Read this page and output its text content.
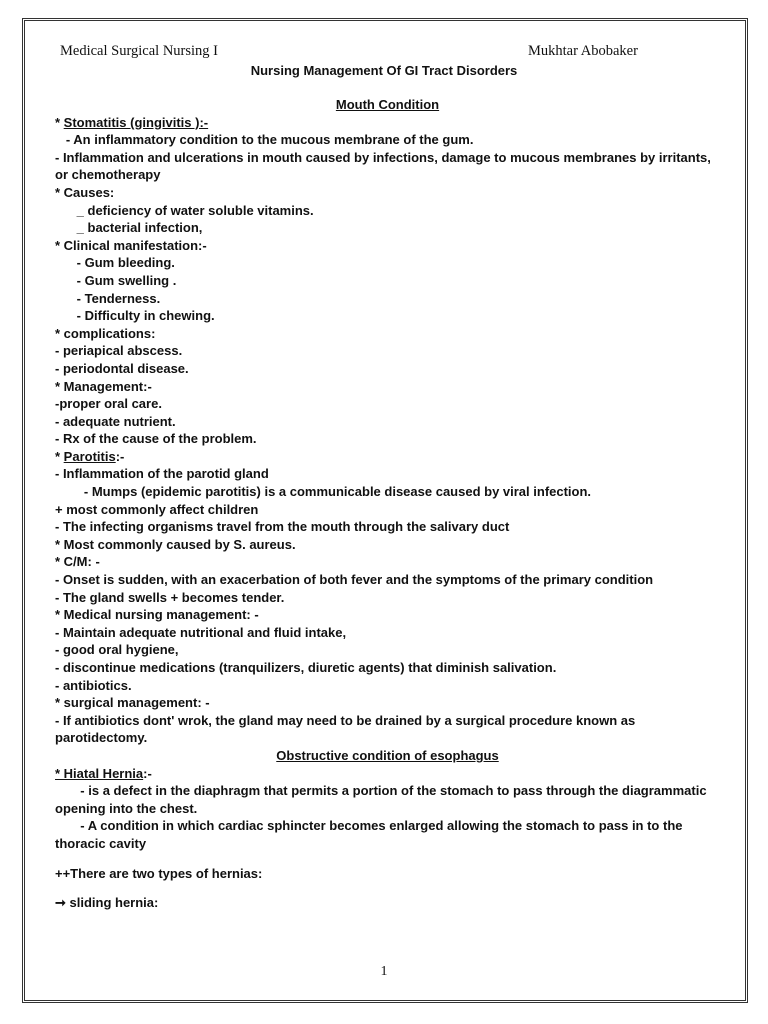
Medical Surgical Nursing I	Mukhtar Abobaker
Nursing Management Of GI Tract Disorders
Mouth Condition
* Stomatitis (gingivitis ):-
- An inflammatory condition to the mucous membrane of the gum.
- Inflammation and ulcerations in mouth caused by infections, damage to mucous membranes by irritants, or chemotherapy
* Causes:
_ deficiency of water soluble vitamins.
_ bacterial infection,
* Clinical manifestation:-
- Gum bleeding.
- Gum swelling .
- Tenderness.
- Difficulty in chewing.
* complications:
- periapical abscess.
- periodontal disease.
* Management:-
-proper oral care.
- adequate nutrient.
- Rx of the cause of the problem.
* Parotitis:-
- Inflammation of the parotid gland
- Mumps (epidemic parotitis) is a communicable disease caused by viral infection.
+ most commonly affect children
- The infecting organisms travel from the mouth through the salivary duct
* Most commonly caused by S. aureus.
* C/M: -
- Onset is sudden, with an exacerbation of both fever and the symptoms of the primary condition
- The gland swells + becomes tender.
* Medical nursing management: -
- Maintain adequate nutritional and fluid intake,
- good oral hygiene,
- discontinue medications (tranquilizers, diuretic agents) that diminish salivation.
- antibiotics.
* surgical management: -
- If antibiotics dont' wrok, the gland may need to be drained by a surgical procedure known as parotidectomy.
Obstructive condition of esophagus
* Hiatal Hernia:-
- is a defect in the diaphragm that permits a portion of the stomach to pass through the diagrammatic opening into the chest.
- A condition in which cardiac sphincter becomes enlarged allowing the stomach to pass in to the thoracic cavity
++There are two types of hernias:
➞ sliding hernia:
1
